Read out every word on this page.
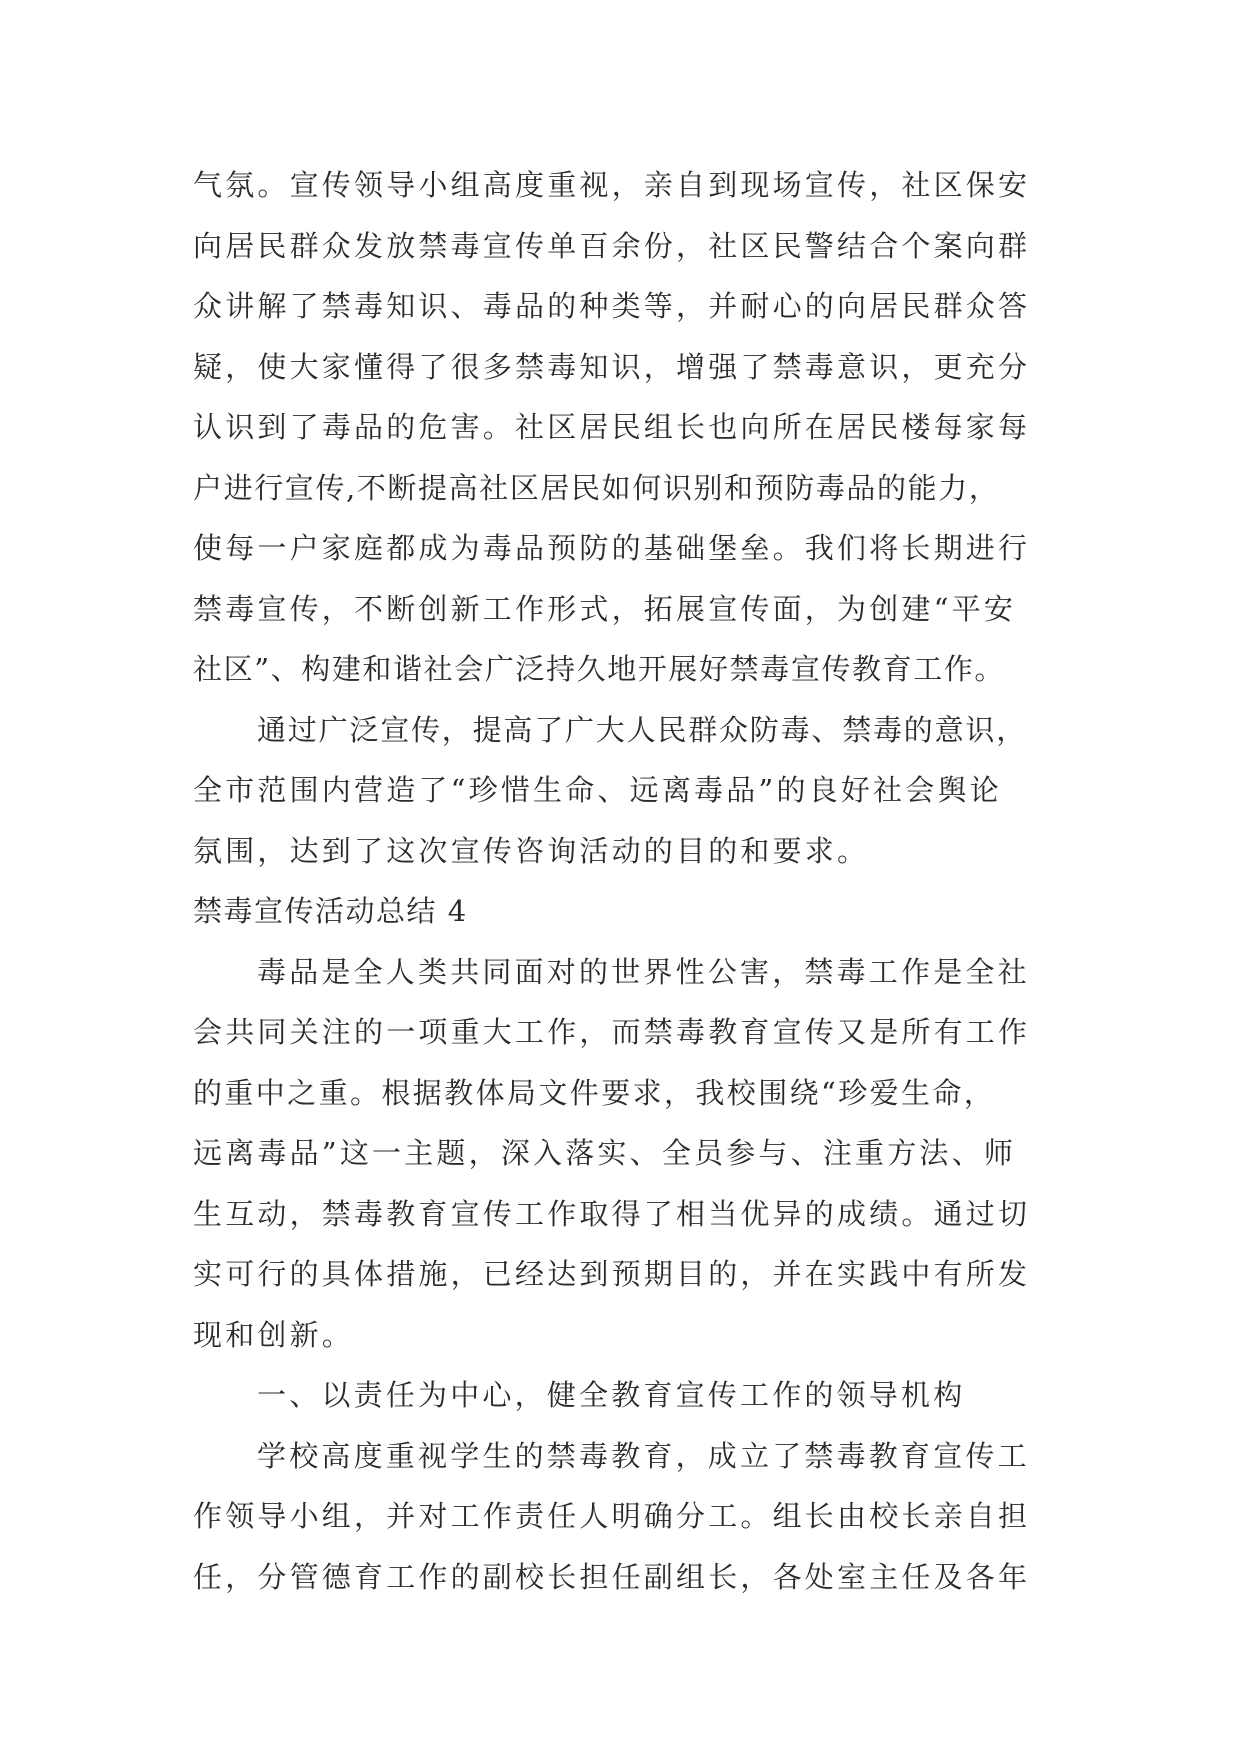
气氛。宣传领导小组高度重视，亲自到现场宣传，社区保安

向居民群众发放禁毒宣传单百余份，社区民警结合个案向群

众讲解了禁毒知识、毒品的种类等，并耐心的向居民群众答

疑，使大家懂得了很多禁毒知识，增强了禁毒意识，更充分

认识到了毒品的危害。社区居民组长也向所在居民楼每家每

户进行宣传,不断提高社区居民如何识别和预防毒品的能力，

使每一户家庭都成为毒品预防的基础堡垒。我们将长期进行

禁毒宣传，不断创新工作形式，拓展宣传面，为创建“平安

社区”、构建和谐社会广泛持久地开展好禁毒宣传教育工作。

通过广泛宣传，提高了广大人民群众防毒、禁毒的意识，

全市范围内营造了“珍惜生命、远离毒品”的良好社会舆论

氛围，达到了这次宣传咨询活动的目的和要求。

禁毒宣传活动总结 4

毒品是全人类共同面对的世界性公害，禁毒工作是全社

会共同关注的一项重大工作，而禁毒教育宣传又是所有工作

的重中之重。根据教体局文件要求，我校围绕“珍爱生命，

远离毒品”这一主题，深入落实、全员参与、注重方法、师

生互动，禁毒教育宣传工作取得了相当优异的成绩。通过切

实可行的具体措施，已经达到预期目的，并在实践中有所发

现和创新。

一、以责任为中心，健全教育宣传工作的领导机构

学校高度重视学生的禁毒教育，成立了禁毒教育宣传工

作领导小组，并对工作责任人明确分工。组长由校长亲自担

任，分管德育工作的副校长担任副组长，各处室主任及各年
